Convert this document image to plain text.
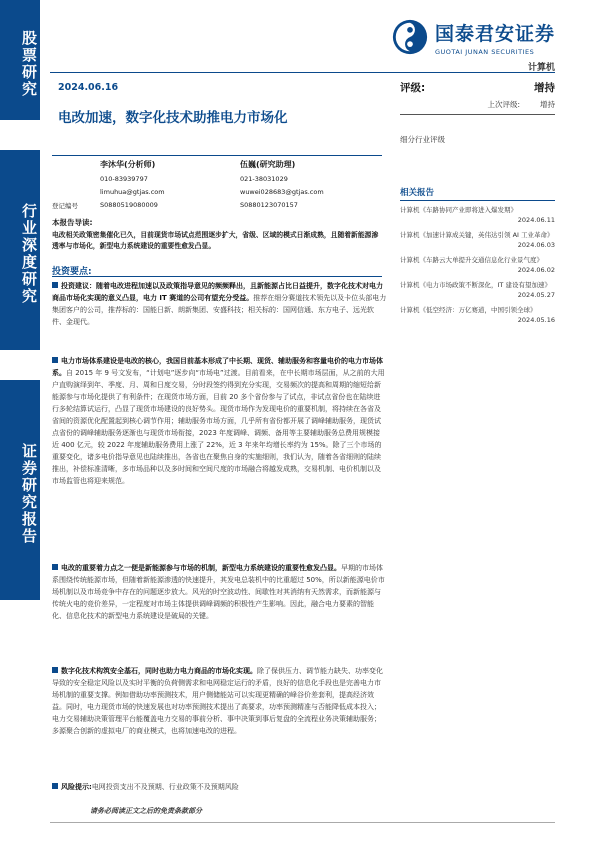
股票研究
行业深度研究
证券研究报告
国泰君安证券
GUOTAI JUNAN SECURITIES
计算机
2024.06.16
电改加速，数字化技术助推电力市场化
评级:	增持
上次评级:	增持
细分行业评级
李沐华(分析师)	伍巍(研究助理)
010-83939797	021-38031029
limuhua@gtjas.com	wuwei028683@gtjas.com
登记编号	S0880519080009	S0880123070157
本报告导读:
电改相关政策密集催化已久，目前现货市场试点范围逐步扩大，省级、区域的模式日渐成熟，且随着新能源渗透率与市场化，新型电力系统建设的重要性愈发凸显。
投资要点:
投资建议：随着电改进程加速以及政策指导意见的频频释出，且新能源占比日益提升，数字化技术对电力商品市场化实现的意义凸显，电力 IT 赛道的公司有望充分受益。推荐在细分赛道技术领先以及卡位头部电力集团客户的公司，推荐标的：国能日新、朗新集团、安盛科技；相关标的：国网信通、东方电子、远光软件、金现代。
电力市场体系建设是电改的核心，我国目前基本形成了中长期、现货、辅助服务和容量电价的电力市场体系。自 2015 年 9 号文发布，“计划电”逐步向“市场电”过渡。目前看来，在中长期市场层面，从之前的大用户直购演绎到年、季度、月、周和日度交易，分时段签约得到充分实现，交易频次的提高和周期的缩短给新能源参与市场化提供了有利条件；在现货市场方面，目前 20 多个省份参与了试点，非试点省份也在陆续进行多轮结算试运行，凸显了现货市场建设的良好势头。现货市场作为发现电价的重要机制，将持续在各省及省间的资源优化配置起到核心调节作用；辅助服务市场方面，几乎所有省份都开展了调峰辅助服务，现货试点省份的调峰辅助服务逐渐也与现货市场衔接，2023 年度调峰、调频、备用等主要辅助服务总费用规模接近 400 亿元，较 2022 年度辅助服务费用上涨了 22%，近 3 年来年均增长率约为 15%。除了三个市场的重要变化，诸多电价指导意见也陆续推出，各省也在聚焦自身的实施细则，我们认为，随着各省细则的陆续推出，补偿标准清晰，多市场品种以及多时间和空间尺度的市场融合将越发成熟，交易机制、电价机制以及市场监管也将迎来规范。
电改的重要着力点之一便是新能源参与市场的机制，新型电力系统建设的重要性愈发凸显。早期的市场体系围绕传统能源市场，但随着新能源渗透的快速提升，其发电总装机中的比重超过 50%，所以新能源电价市场机制以及市场竞争中存在的问题逐步放大。风光的时空波动性、间歇性对其消纳有天然需求，而新能源与传统火电的竞价差异，一定程度对市场主体提供调峰调频的积极性产生影响。因此，融合电力要素的智能化、信息化技术的新型电力系统建设是破局的关键。
数字化技术构筑安全基石，同时也助力电力商品的市场化实现。除了保供压力、调节能力缺失、功率变化导致的安全稳定风险以及实时平衡的负荷侧需求和电网稳定运行的矛盾，良好的信息化手段也是完善电力市场机制的重要支撑。例如借助功率预测技术，用户侧储能站可以实现更精确的峰谷价差套利，提高经济效益。同时，电力现货市场的快速发展也对功率预测技术提出了高要求，功率预测精准与否能降低成本投入；电力交易辅助决策管理平台能覆盖电力交易的事前分析、事中决策到事后复盘的全流程业务决策辅助服务；多源聚合创新的虚拟电厂的商业模式，也将加速电改的进程。
风险提示:电网投资支出不及预期、行业政策不及预期风险
相关报告
计算机《车路协同产业即将进入爆发期》
2024.06.11
计算机《加速计算成关键，英伟达引领 AI 工业革命》
2024.06.03
计算机《车路云大单提升交通信息化行业景气度》
2024.06.02
计算机《电力市场政策不断深化，IT 建设有望加速》
2024.05.27
计算机《低空经济：万亿赛道，中国引领全球》
2024.05.16
请务必阅读正文之后的免责条款部分
